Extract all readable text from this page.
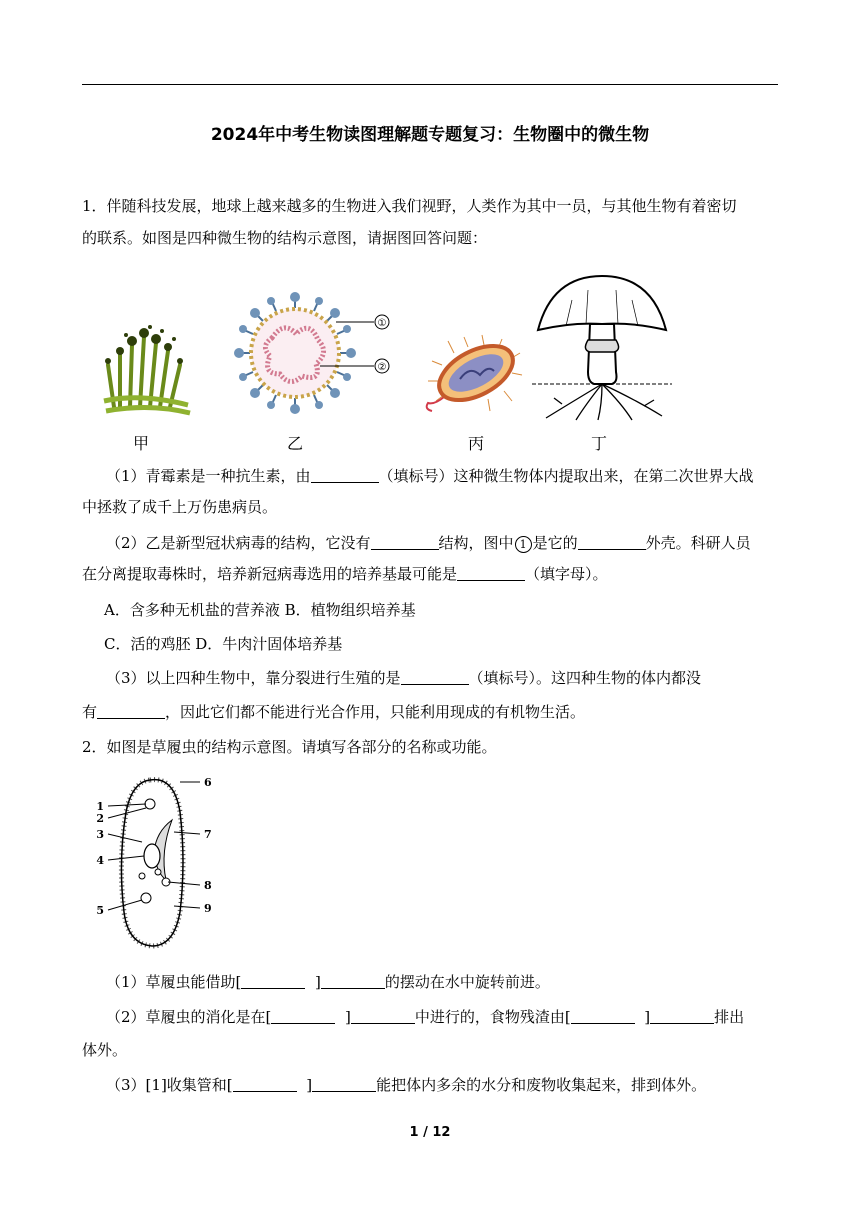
2024年中考生物读图理解题专题复习：生物圈中的微生物
1．伴随科技发展，地球上越来越多的生物进入我们视野，人类作为其中一员，与其他生物有着密切
的联系。如图是四种微生物的结构示意图，请据图回答问题：
①
②
甲	乙	丙	丁
（1）青霉素是一种抗生素，由	（填标号）这种微生物体内提取出来，在第二次世界大战
中拯救了成千上万伤患病员。
（2）乙是新型冠状病毒的结构，它没有	结构，图中 1 是它的	外壳。科研人员
在分离提取毒株时，培养新冠病毒选用的培养基最可能是	（填字母）。
A．含多种无机盐的营养液 B．植物组织培养基
C．活的鸡胚 D．牛肉汁固体培养基
（3）以上四种生物中，靠分裂进行生殖的是	（填标号）。这四种生物的体内都没
有	，因此它们都不能进行光合作用，只能利用现成的有机物生活。
2．如图是草履虫的结构示意图。请填写各部分的名称或功能。
1
2
3
4
5
6
7
8
9
（1）草履虫能借助[	]	的摆动在水中旋转前进。
（2）草履虫的消化是在[	]	中进行的，食物残渣由[	]	排出
体外。
（3）[1]收集管和[	]	能把体内多余的水分和废物收集起来，排到体外。
1 / 12
